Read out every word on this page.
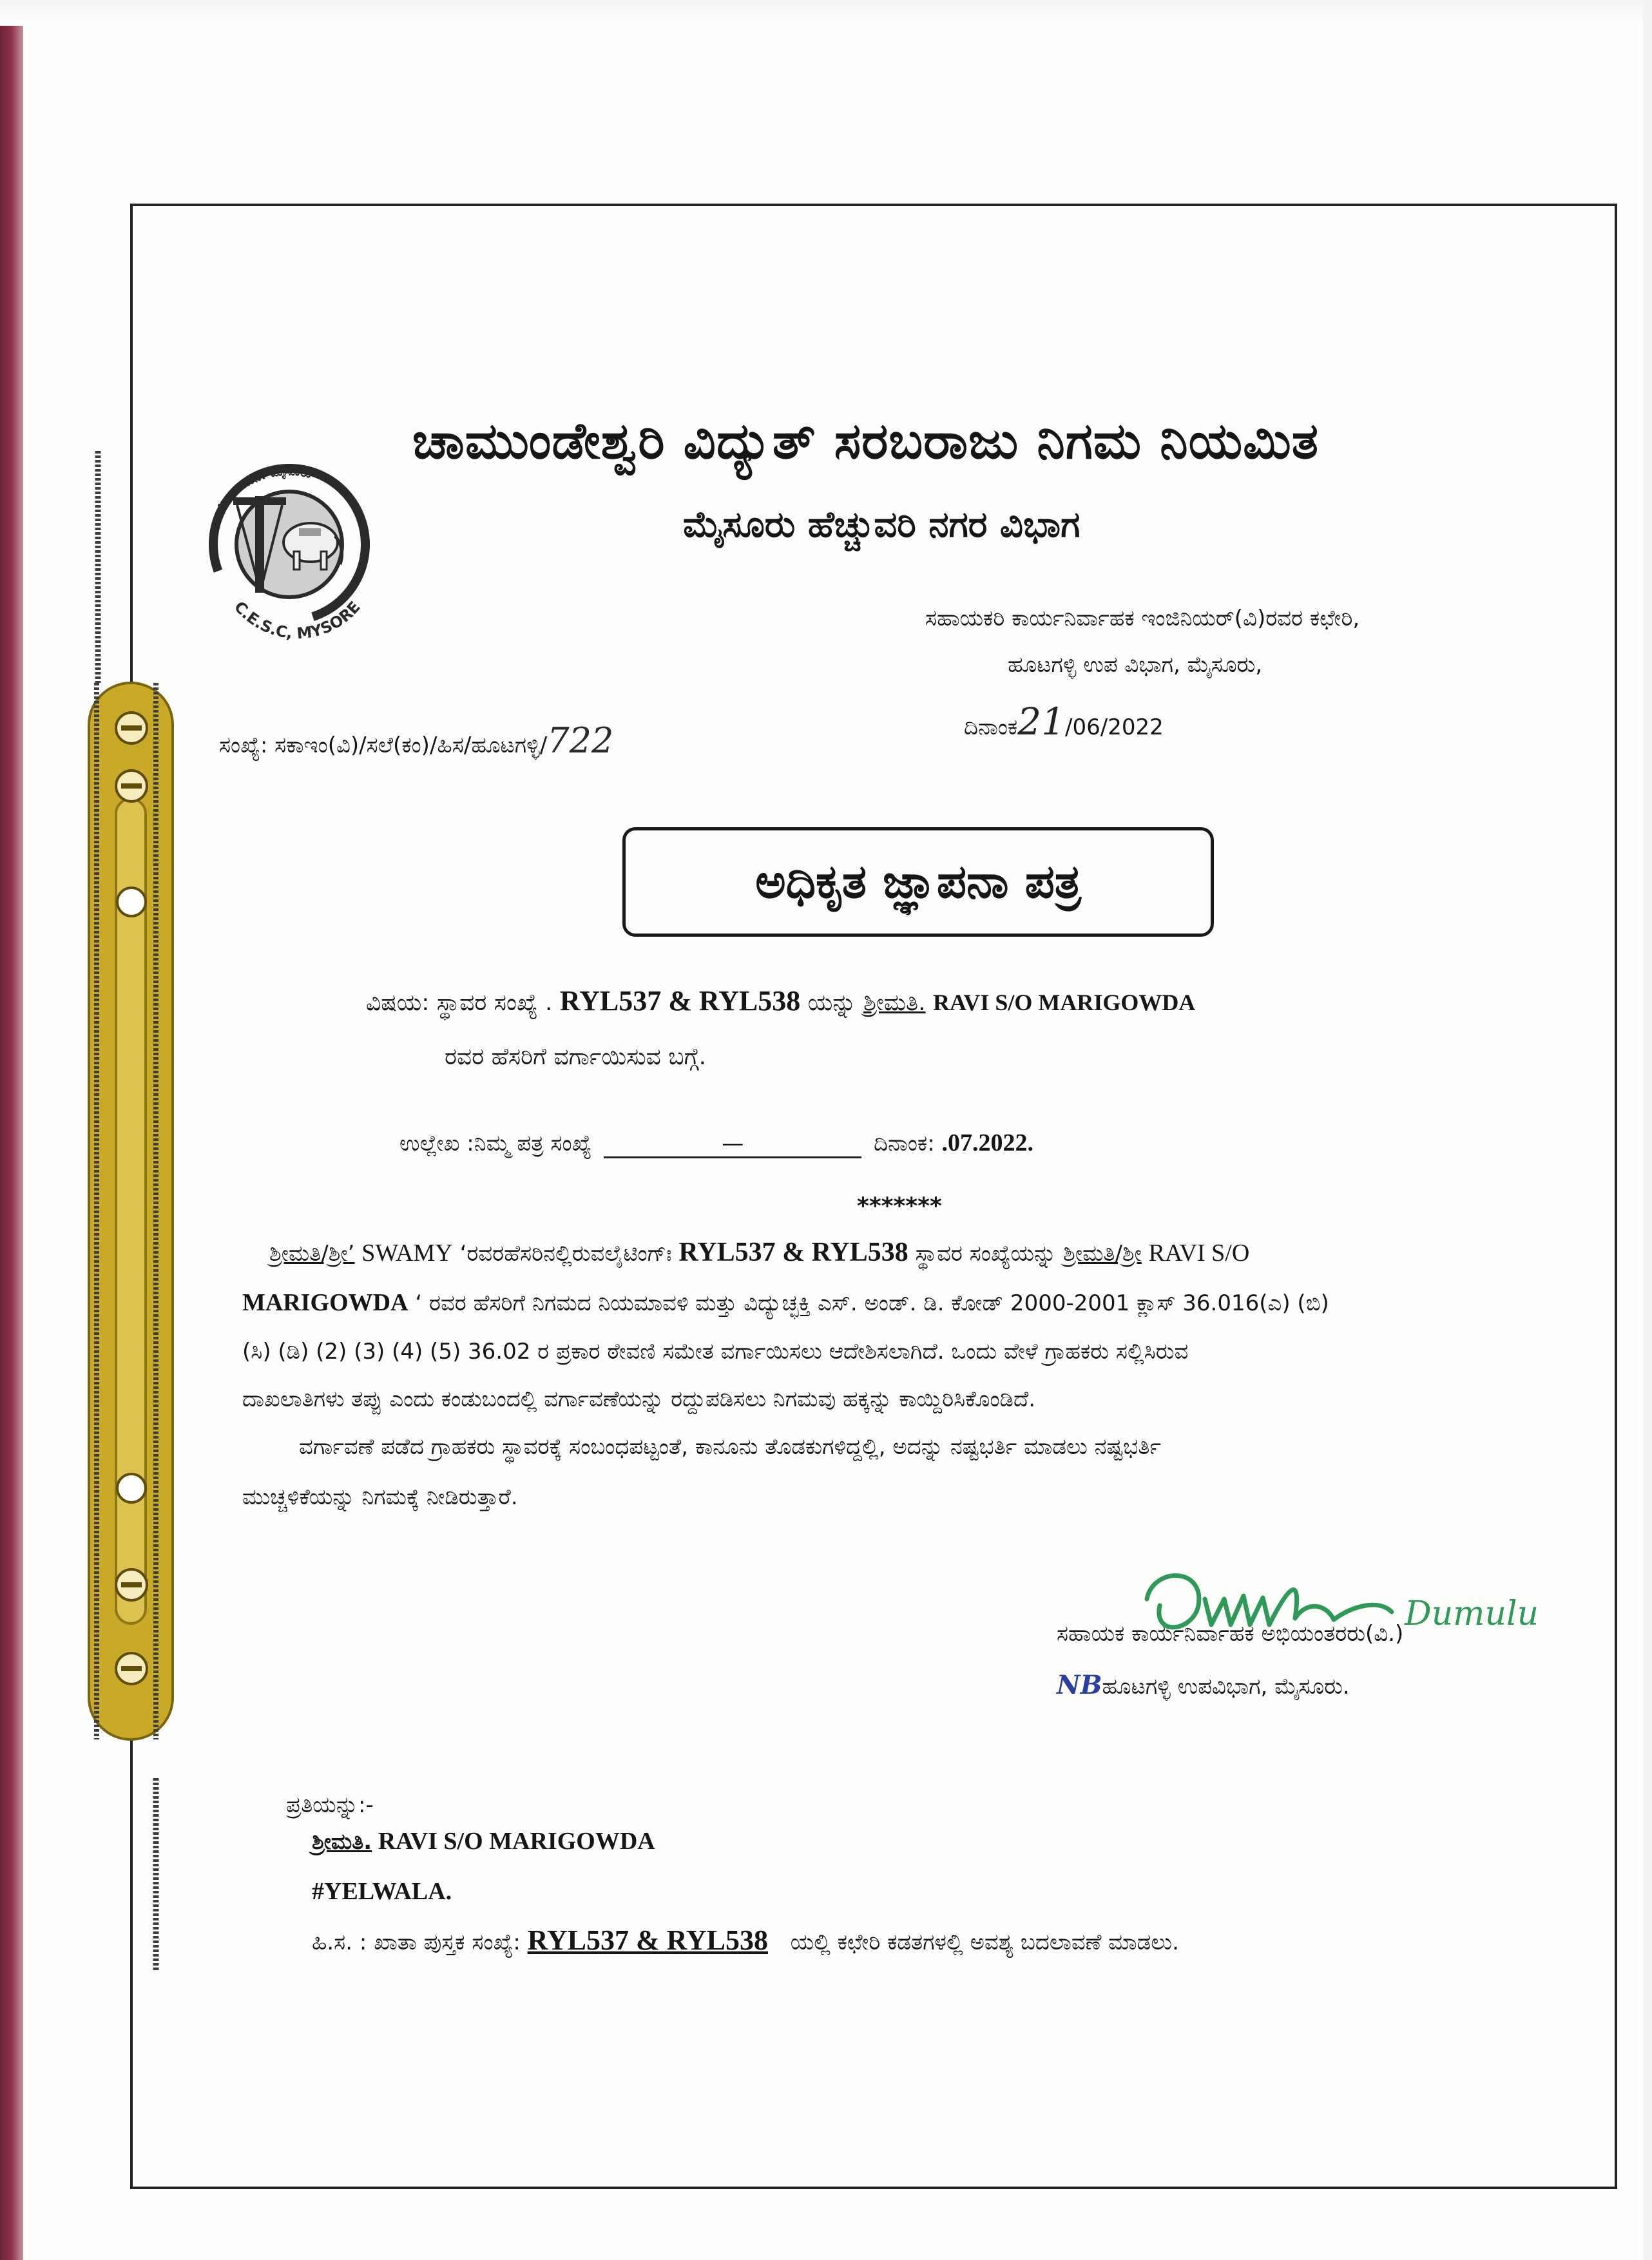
ಚಾ.ವಿ.ಸ.ನಿ. ಮೈಸೂರು
C.E.S.C, MYSORE
ಚಾಮುಂಡೇಶ್ವರಿ ವಿದ್ಯುತ್ ಸರಬರಾಜು ನಿಗಮ ನಿಯಮಿತ
ಮೈಸೂರು ಹೆಚ್ಚುವರಿ ನಗರ ವಿಭಾಗ
ಸಹಾಯಕರಿ ಕಾರ್ಯನಿರ್ವಾಹಕ ಇಂಜಿನಿಯರ್(ವಿ)ರವರ ಕಛೇರಿ,
ಹೂಟಗಳ್ಳಿ ಉಪ ವಿಭಾಗ, ಮೈಸೂರು,
ದಿನಾಂಕ21/06/2022
ಸಂಖ್ಯೆ: ಸಕಾಇಂ(ವಿ)/ಸಲೆ(ಕಂ)/ಹಿಸ/ಹೂಟಗಳ್ಳಿ/722
ಅಧಿಕೃತ ಜ್ಞಾಪನಾ ಪತ್ರ
ವಿಷಯ: ಸ್ಥಾವರ ಸಂಖ್ಯೆ . RYL537 & RYL538 ಯನ್ನು ಶ್ರೀಮತಿ. RAVI S/O MARIGOWDA
ರವರ ಹೆಸರಿಗೆ ವರ್ಗಾಯಿಸುವ ಬಗ್ಗೆ.
ಉಲ್ಲೇಖ :ನಿಮ್ಮ ಪತ್ರ ಸಂಖ್ಯೆ	—	ದಿನಾಂಕ: .07.2022.
*******
ಶ್ರೀಮತಿ/ಶ್ರೀ’ SWAMY ‘ರವರಹೆಸರಿನಲ್ಲಿರುವಲೈಟಿಂಗ್‌ಃ RYL537 & RYL538 ಸ್ಥಾವರ ಸಂಖ್ಯೆಯನ್ನು ಶ್ರೀಮತಿ/ಶ್ರೀ RAVI S/O
MARIGOWDA ‘ ರವರ ಹೆಸರಿಗೆ ನಿಗಮದ ನಿಯಮಾವಳಿ ಮತ್ತು ವಿದ್ಯುಚ್ಛಕ್ತಿ ಎಸ್. ಅಂಡ್. ಡಿ. ಕೋಡ್ 2000-2001 ಕ್ಲಾಸ್ 36.016(ಎ) (ಬಿ)
(ಸಿ) (ಡಿ) (2) (3) (4) (5) 36.02 ರ ಪ್ರಕಾರ ಠೇವಣಿ ಸಮೇತ ವರ್ಗಾಯಿಸಲು ಆದೇಶಿಸಲಾಗಿದೆ. ಒಂದು ವೇಳೆ ಗ್ರಾಹಕರು ಸಲ್ಲಿಸಿರುವ
ದಾಖಲಾತಿಗಳು ತಪ್ಪು ಎಂದು ಕಂಡುಬಂದಲ್ಲಿ ವರ್ಗಾವಣೆಯನ್ನು ರದ್ದುಪಡಿಸಲು ನಿಗಮವು ಹಕ್ಕನ್ನು ಕಾಯ್ದಿರಿಸಿಕೊಂಡಿದೆ.
ವರ್ಗಾವಣೆ ಪಡೆದ ಗ್ರಾಹಕರು ಸ್ಥಾವರಕ್ಕೆ ಸಂಬಂಧಪಟ್ಟಂತೆ, ಕಾನೂನು ತೊಡಕುಗಳಿದ್ದಲ್ಲಿ, ಅದನ್ನು ನಷ್ಟಭರ್ತಿ ಮಾಡಲು ನಷ್ಟಭರ್ತಿ
ಮುಚ್ಚಳಿಕೆಯನ್ನು ನಿಗಮಕ್ಕೆ ನೀಡಿರುತ್ತಾರೆ.
Dumulu
ಸಹಾಯಕ ಕಾರ್ಯನಿರ್ವಾಹಕ ಅಭಿಯಂತರರು(ವಿ.)
NBಹೂಟಗಳ್ಳಿ ಉಪವಿಭಾಗ, ಮೈಸೂರು.
ಪ್ರತಿಯನ್ನು:-
ಶ್ರೀಮತಿ. RAVI S/O MARIGOWDA
#YELWALA.
ಹಿ.ಸ. : ಖಾತಾ ಪುಸ್ತಕ ಸಂಖ್ಯೆ: RYL537 & RYL538 ಯಲ್ಲಿ ಕಛೇರಿ ಕಡತಗಳಲ್ಲಿ ಅವಶ್ಯ ಬದಲಾವಣೆ ಮಾಡಲು.
